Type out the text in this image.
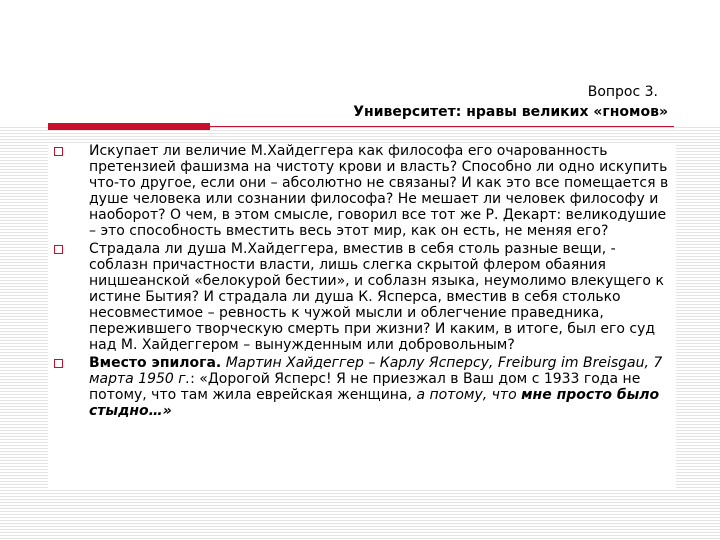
Вопрос 3.
Университет: нравы великих «гномов»
Искупает ли величие М.Хайдеггера как философа его очарованность претензией фашизма на чистоту крови и власть? Способно ли одно искупить что-то другое, если они – абсолютно не связаны? И как это все помещается в душе человека или сознании философа? Не мешает ли человек философу и наоборот? О чем, в этом смысле, говорил все тот же Р. Декарт: великодушие – это способность вместить весь этот мир, как он есть, не меняя его?
Страдала ли душа М.Хайдеггера, вместив в себя столь разные вещи, - соблазн причастности власти, лишь слегка скрытой флером обаяния ницшеанской «белокурой бестии», и соблазн языка, неумолимо влекущего к истине Бытия? И страдала ли душа К. Ясперса, вместив в себя столько несовместимое – ревность к чужой мысли и облегчение праведника, пережившего творческую смерть при жизни? И каким, в итоге, был его суд над М. Хайдеггером – вынужденным или добровольным?
Вместо эпилога. Мартин Хайдеггер – Карлу Ясперсу, Freiburg im Breisgau, 7 марта 1950 г.: «Дорогой Ясперс! Я не приезжал в Ваш дом с 1933 года не потому, что там жила еврейская женщина, а потому, что мне просто было стыдно…»
